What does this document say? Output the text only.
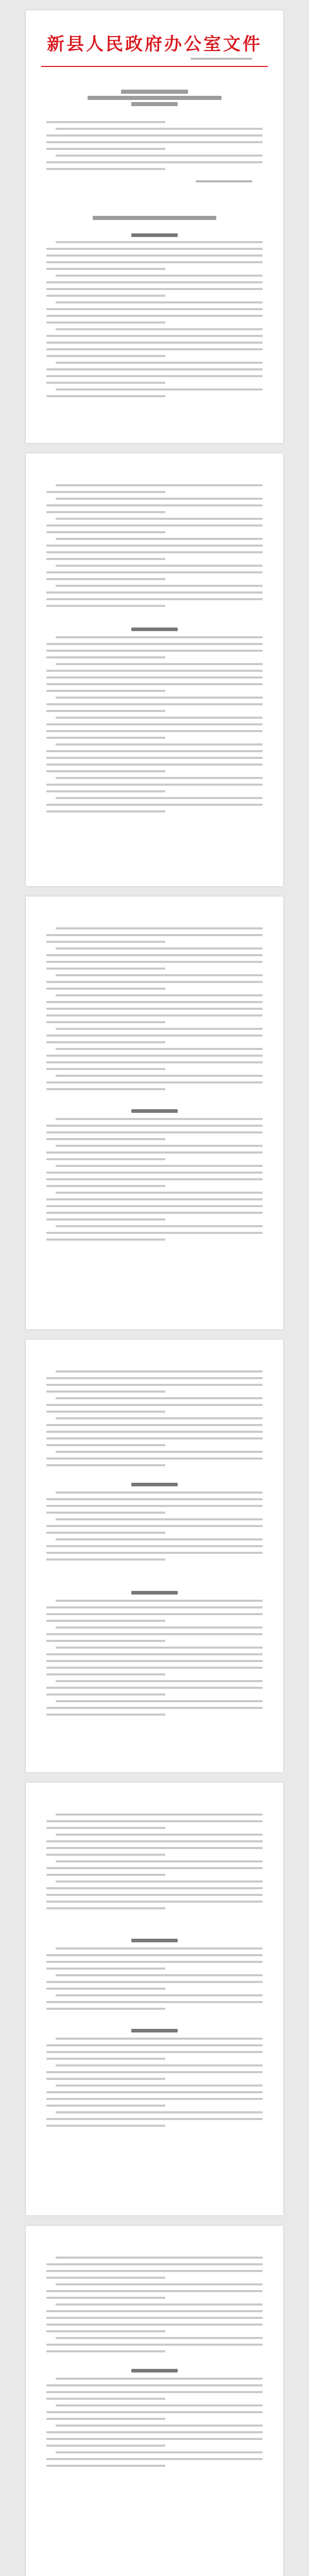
新县人民政府办公室文件
